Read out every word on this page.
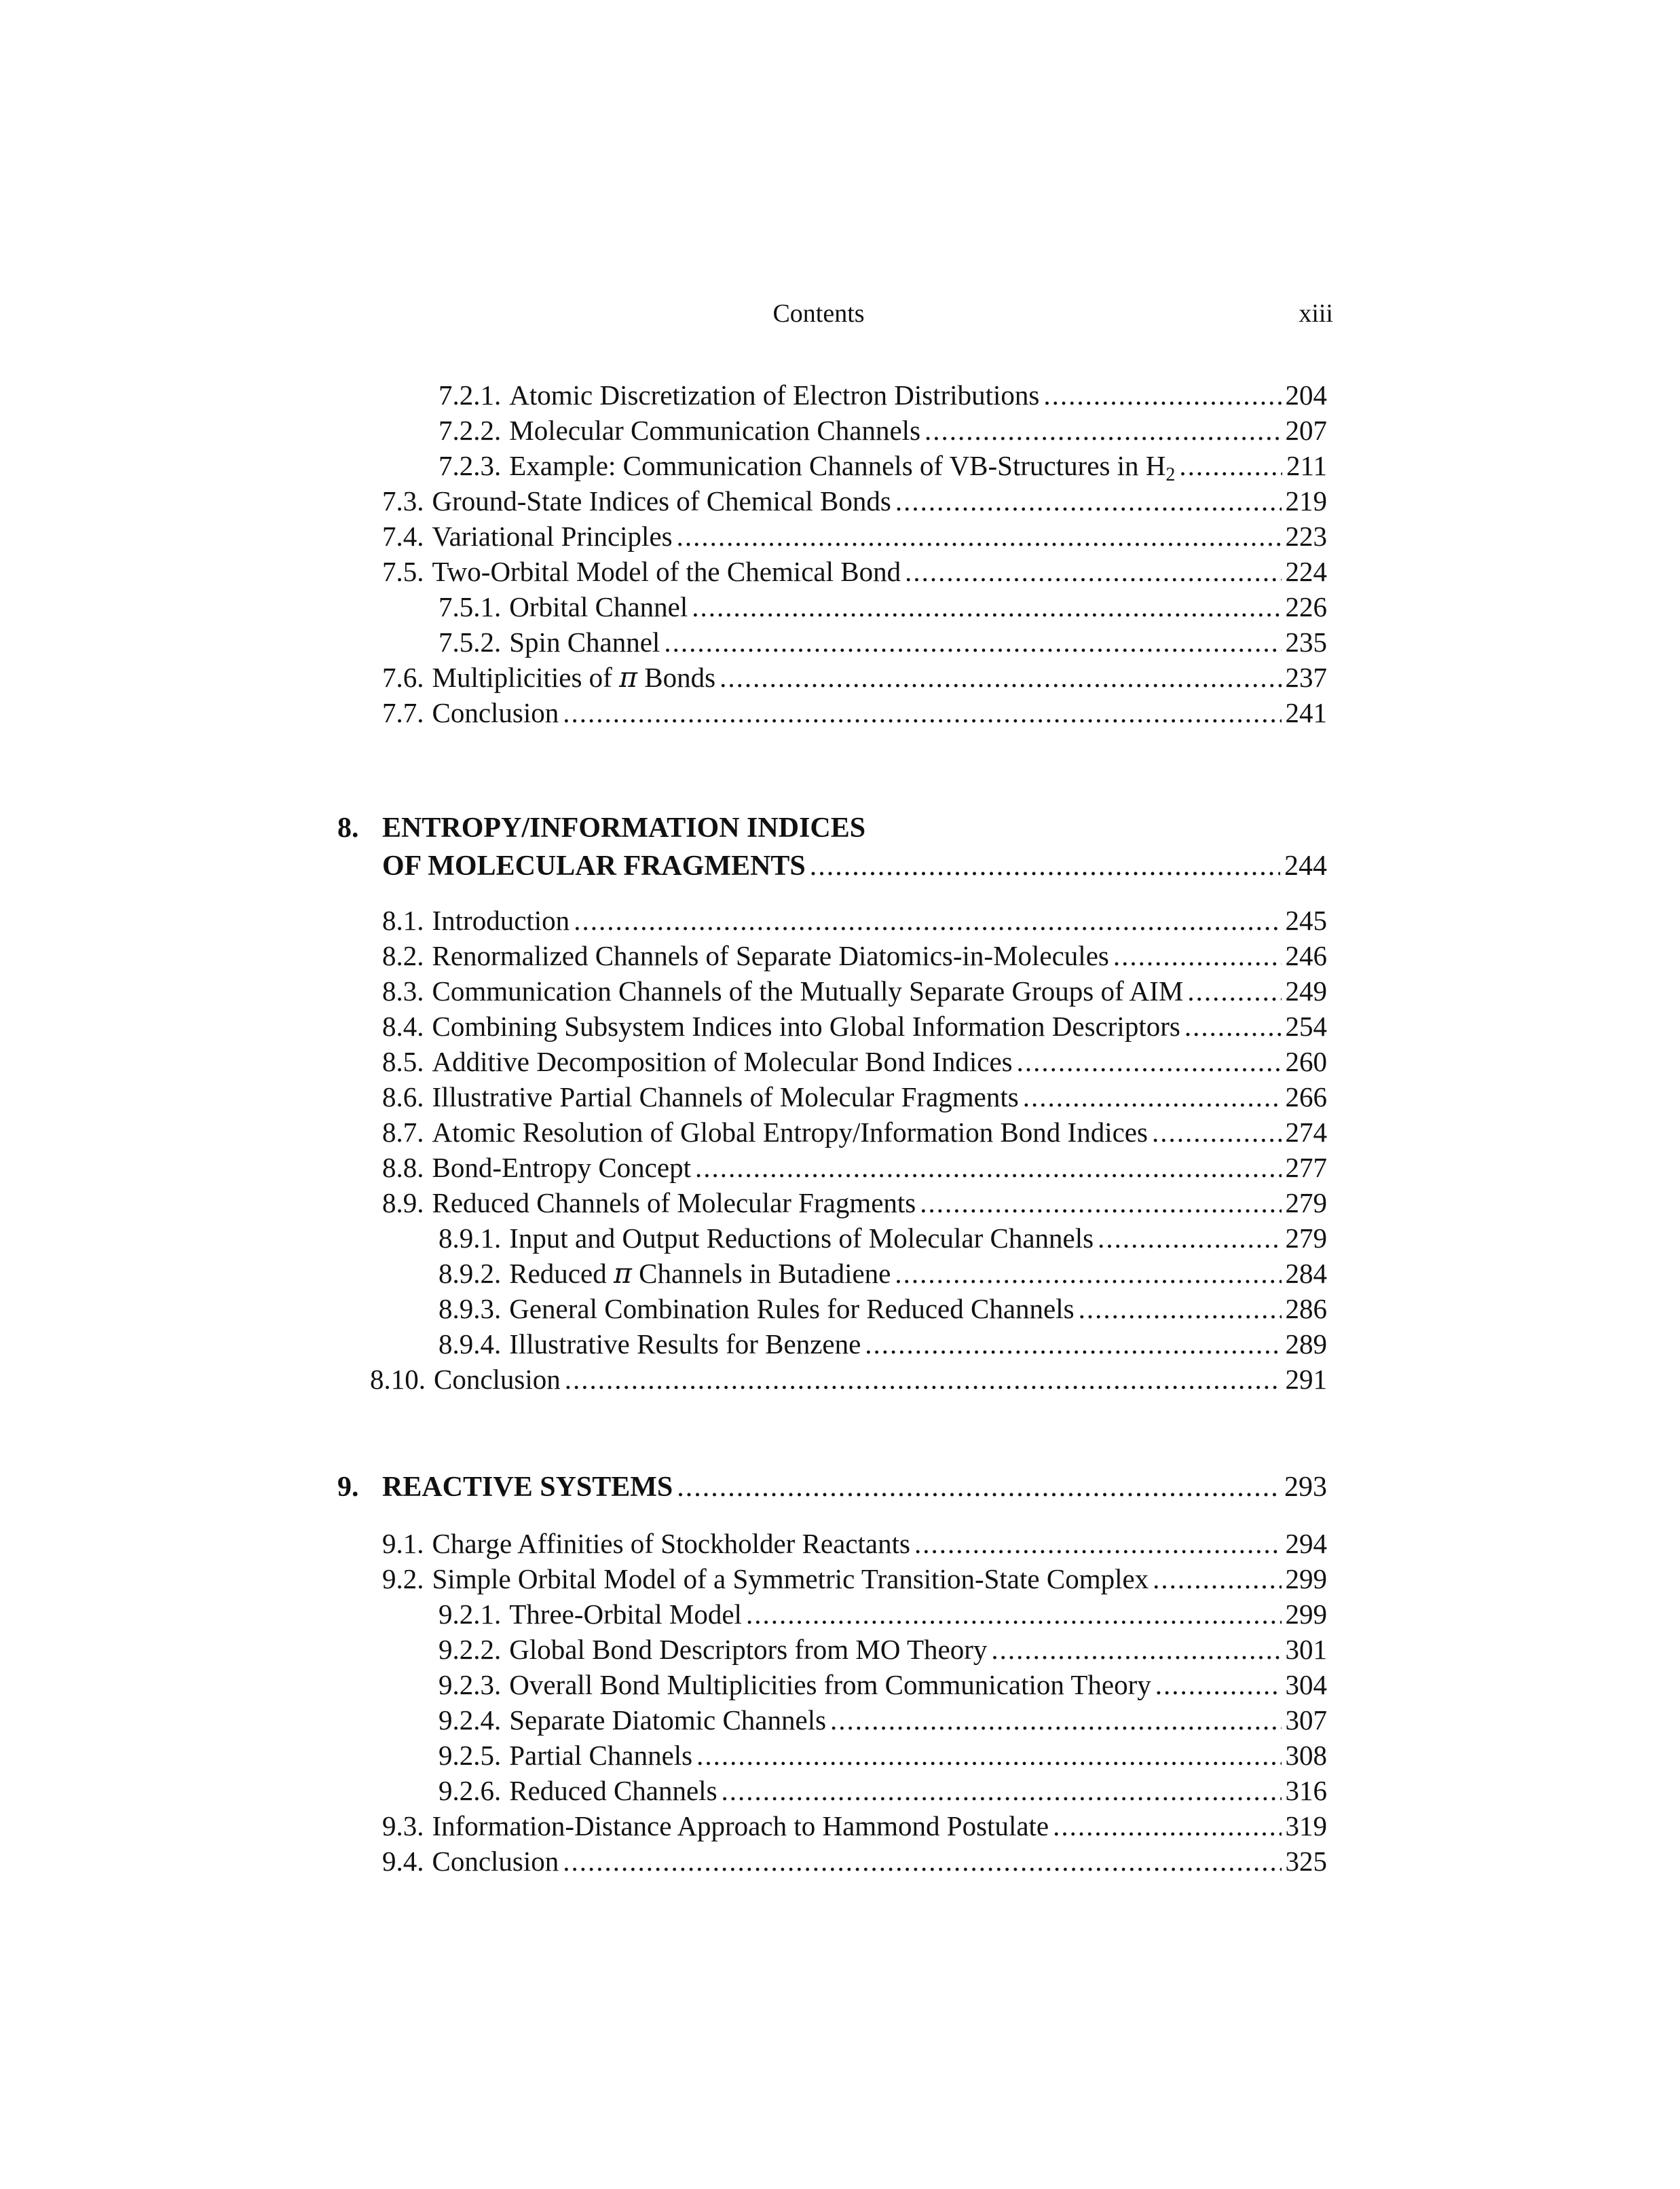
Contents	xiii
7.2.1. Atomic Discretization of Electron Distributions .....	204
7.2.2. Molecular Communication Channels .....	207
7.2.3. Example: Communication Channels of VB-Structures in H2 .....	211
7.3. Ground-State Indices of Chemical Bonds .....	219
7.4. Variational Principles .....	223
7.5. Two-Orbital Model of the Chemical Bond .....	224
7.5.1. Orbital Channel .....	226
7.5.2. Spin Channel .....	235
7.6. Multiplicities of π Bonds .....	237
7.7. Conclusion .....	241
8. ENTROPY/INFORMATION INDICES
OF MOLECULAR FRAGMENTS .....	244
8.1. Introduction .....	245
8.2. Renormalized Channels of Separate Diatomics-in-Molecules .....	246
8.3. Communication Channels of the Mutually Separate Groups of AIM .....	249
8.4. Combining Subsystem Indices into Global Information Descriptors .....	254
8.5. Additive Decomposition of Molecular Bond Indices .....	260
8.6. Illustrative Partial Channels of Molecular Fragments .....	266
8.7. Atomic Resolution of Global Entropy/Information Bond Indices .....	274
8.8. Bond-Entropy Concept .....	277
8.9. Reduced Channels of Molecular Fragments .....	279
8.9.1. Input and Output Reductions of Molecular Channels .....	279
8.9.2. Reduced π Channels in Butadiene .....	284
8.9.3. General Combination Rules for Reduced Channels .....	286
8.9.4. Illustrative Results for Benzene .....	289
8.10. Conclusion .....	291
9. REACTIVE SYSTEMS .....	293
9.1. Charge Affinities of Stockholder Reactants .....	294
9.2. Simple Orbital Model of a Symmetric Transition-State Complex .....	299
9.2.1. Three-Orbital Model .....	299
9.2.2. Global Bond Descriptors from MO Theory .....	301
9.2.3. Overall Bond Multiplicities from Communication Theory .....	304
9.2.4. Separate Diatomic Channels .....	307
9.2.5. Partial Channels .....	308
9.2.6. Reduced Channels .....	316
9.3. Information-Distance Approach to Hammond Postulate .....	319
9.4. Conclusion .....	325
